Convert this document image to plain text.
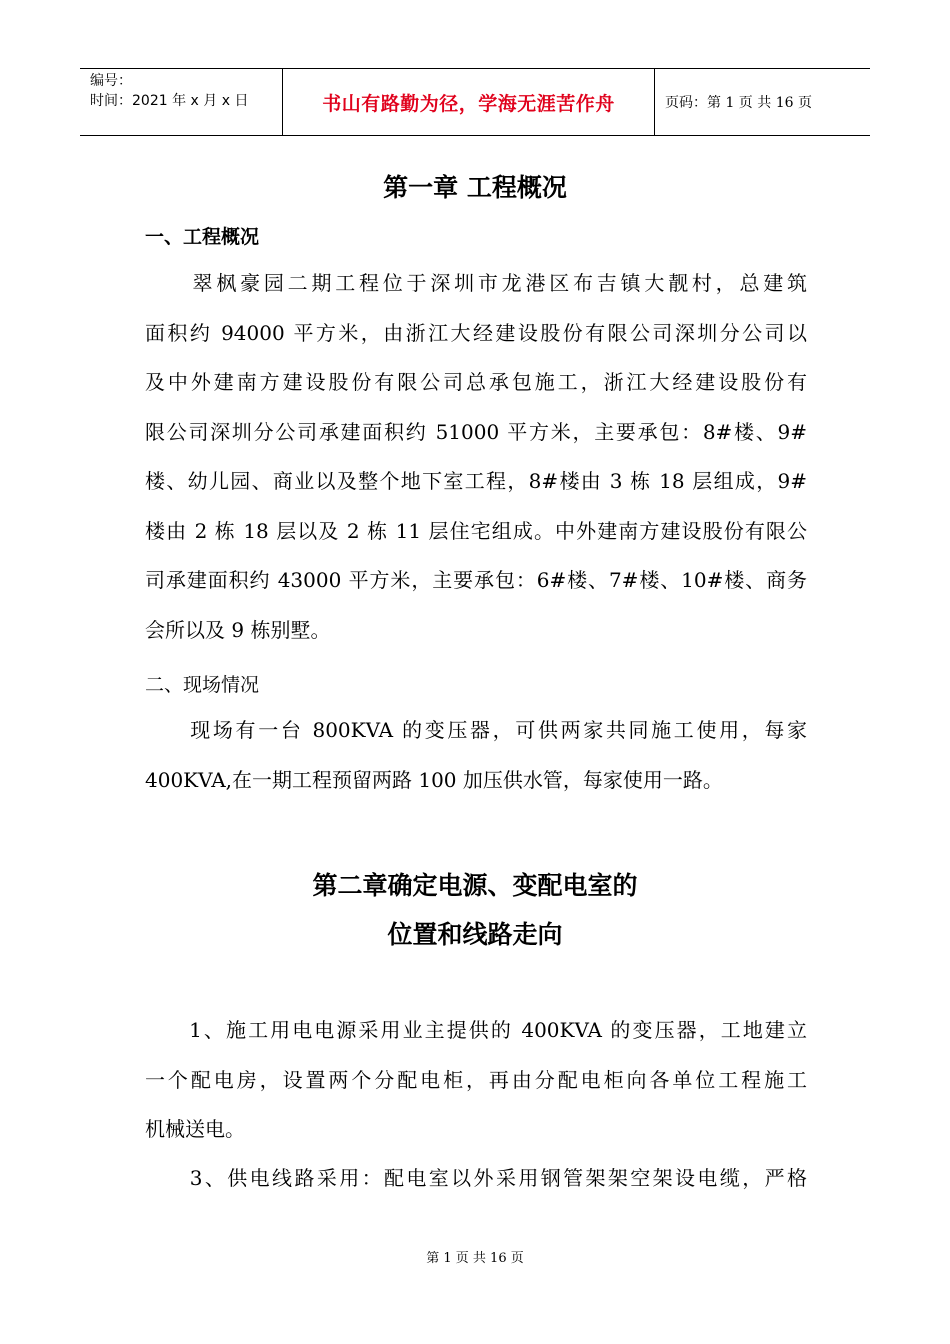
编号：
时间：2021 年 x 月 x 日	书山有路勤为径，学海无涯苦作舟	页码：第 1 页 共 16 页
第一章 工程概况
一、工程概况
　　翠枫豪园二期工程位于深圳市龙港区布吉镇大靓村，总建筑
面积约 94000 平方米，由浙江大经建设股份有限公司深圳分公司以
及中外建南方建设股份有限公司总承包施工，浙江大经建设股份有
限公司深圳分公司承建面积约 51000 平方米，主要承包：8#楼、9#
楼、幼儿园、商业以及整个地下室工程，8#楼由 3 栋 18 层组成，9#
楼由 2 栋 18 层以及 2 栋 11 层住宅组成。中外建南方建设股份有限公
司承建面积约 43000 平方米，主要承包：6#楼、7#楼、10#楼、商务
会所以及 9 栋别墅。
二、现场情况
　　现场有一台 800KVA 的变压器，可供两家共同施工使用，每家
400KVA,在一期工程预留两路 100 加压供水管，每家使用一路。
第二章确定电源、变配电室的
位置和线路走向
　　1、施工用电电源采用业主提供的 400KVA 的变压器，工地建立
一个配电房，设置两个分配电柜，再由分配电柜向各单位工程施工
机械送电。
　　3、供电线路采用：配电室以外采用钢管架架空架设电缆，严格
第 1 页 共 16 页
